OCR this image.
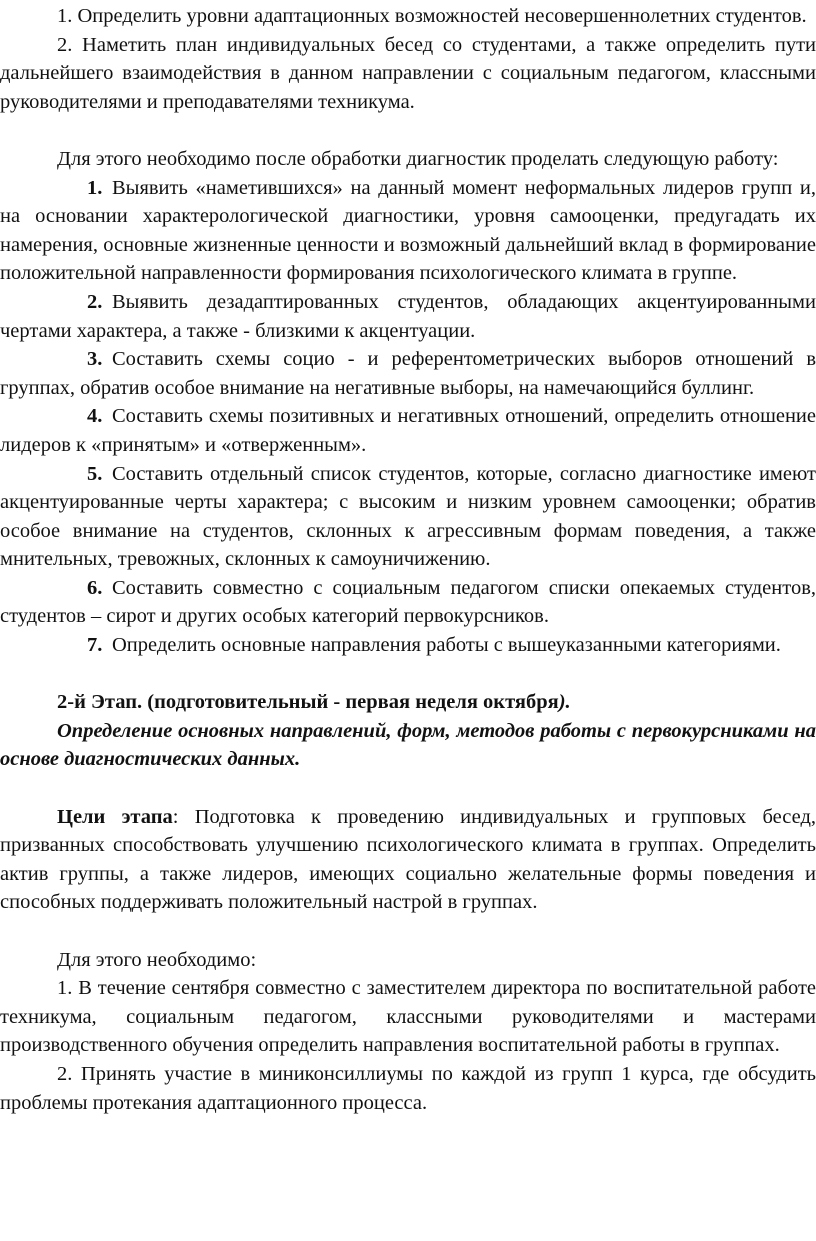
1. Определить уровни адаптационных возможностей несовершеннолетних студентов.

2. Наметить план индивидуальных бесед со студентами, а также определить пути дальнейшего взаимодействия в данном направлении с социальным педагогом, классными руководителями и преподавателями техникума.

Для этого необходимо после обработки диагностик проделать следующую работу:

1. Выявить «наметившихся» на данный момент неформальных лидеров групп и, на основании характерологической диагностики, уровня самооценки, предугадать их намерения, основные жизненные ценности и возможный дальнейший вклад в формирование положительной направленности формирования психологического климата в группе.

2. Выявить дезадаптированных студентов, обладающих акцентуированными чертами характера, а также - близкими к акцентуации.

3. Составить схемы социо - и референтометрических выборов отношений в группах, обратив особое внимание на негативные выборы, на намечающийся буллинг.

4. Составить схемы позитивных и негативных отношений, определить отношение лидеров к «принятым» и «отверженным».

5. Составить отдельный список студентов, которые, согласно диагностике имеют акцентуированные черты характера; с высоким и низким уровнем самооценки; обратив особое внимание на студентов, склонных к агрессивным формам поведения, а также мнительных, тревожных, склонных к самоуничижению.

6. Составить совместно с социальным педагогом списки опекаемых студентов, студентов – сирот и других особых категорий первокурсников.

7. Определить основные направления работы с вышеуказанными категориями.

2-й Этап. (подготовительный - первая неделя октября).

Определение основных направлений, форм, методов работы с первокурсниками на основе диагностических данных.

Цели этапа: Подготовка к проведению индивидуальных и групповых бесед, призванных способствовать улучшению психологического климата в группах. Определить актив группы, а также лидеров, имеющих социально желательные формы поведения и способных поддерживать положительный настрой в группах.

Для этого необходимо:

1. В течение сентября совместно с заместителем директора по воспитательной работе техникума, социальным педагогом, классными руководителями и мастерами производственного обучения определить направления воспитательной работы в группах.

2. Принять участие в миниконсиллиумы по каждой из групп 1 курса, где обсудить проблемы протекания адаптационного процесса.
